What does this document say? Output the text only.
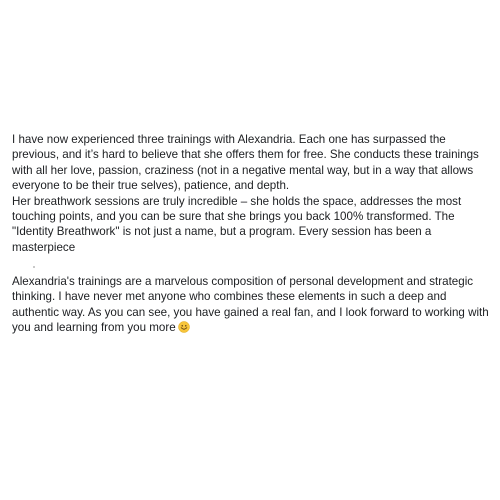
I have now experienced three trainings with Alexandria. Each one has surpassed the previous, and it’s hard to believe that she offers them for free. She conducts these trainings with all her love, passion, craziness (not in a negative mental way, but in a way that allows everyone to be their true selves), patience, and depth.

Her breathwork sessions are truly incredible – she holds the space, addresses the most touching points, and you can be sure that she brings you back 100% transformed. The "Identity Breathwork" is not just a name, but a program. Every session has been a masterpiece

Alexandria's trainings are a marvelous composition of personal development and strategic thinking. I have never met anyone who combines these elements in such a deep and authentic way. As you can see, you have gained a real fan, and I look forward to working with you and learning from you more
